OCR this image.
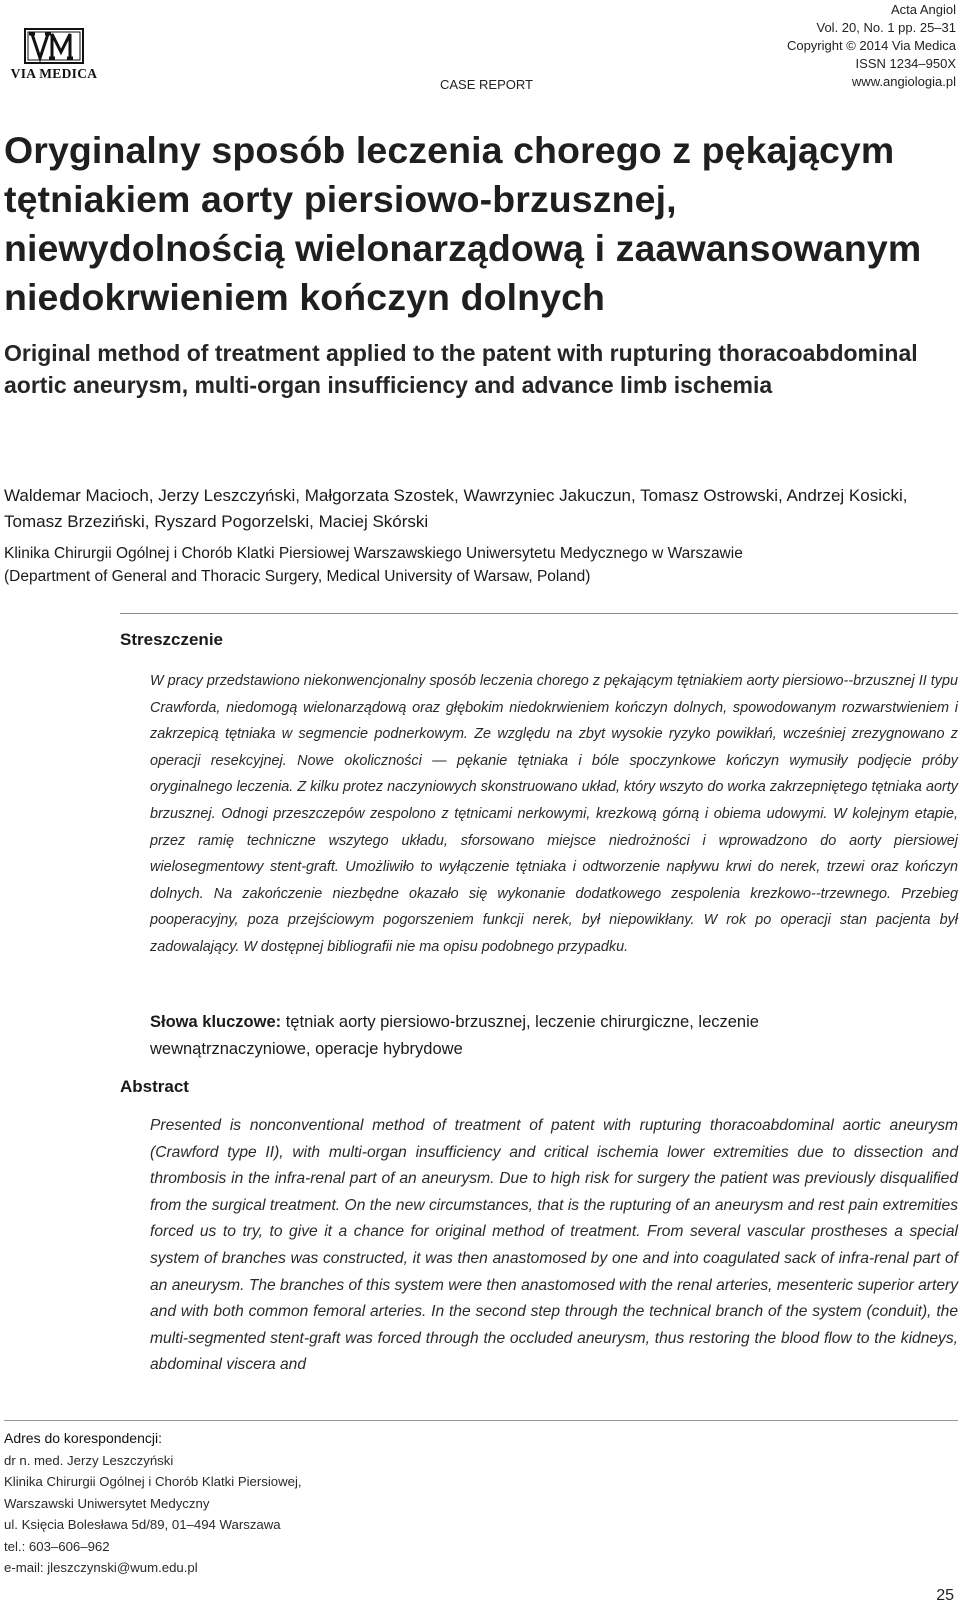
VIA MEDICA
CASE REPORT
Acta Angiol
Vol. 20, No. 1 pp. 25–31
Copyright © 2014 Via Medica
ISSN 1234–950X
www.angiologia.pl
Oryginalny sposób leczenia chorego z pękającym tętniakiem aorty piersiowo-brzusznej, niewydolnością wielonarządową i zaawansowanym niedokrwieniem kończyn dolnych
Original method of treatment applied to the patent with rupturing thoracoabdominal aortic aneurysm, multi-organ insufficiency and advance limb ischemia
Waldemar Macioch, Jerzy Leszczyński, Małgorzata Szostek, Wawrzyniec Jakuczun, Tomasz Ostrowski, Andrzej Kosicki, Tomasz Brzeziński, Ryszard Pogorzelski, Maciej Skórski
Klinika Chirurgii Ogólnej i Chorób Klatki Piersiowej Warszawskiego Uniwersytetu Medycznego w Warszawie
(Department of General and Thoracic Surgery, Medical University of Warsaw, Poland)
Streszczenie

W pracy przedstawiono niekonwencjonalny sposób leczenia chorego z pękającym tętniakiem aorty piersiowo--brzusznej II typu Crawforda, niedomogą wielonarządową oraz głębokim niedokrwieniem kończyn dolnych, spowodowanym rozwarstwieniem i zakrzepicą tętniaka w segmencie podnerkowym. Ze względu na zbyt wysokie ryzyko powikłań, wcześniej zrezygnowano z operacji resekcyjnej. Nowe okoliczności — pękanie tętniaka i bóle spoczynkowe kończyn wymusiły podjęcie próby oryginalnego leczenia. Z kilku protez naczyniowych skonstruowano układ, który wszyto do worka zakrzepniętego tętniaka aorty brzusznej. Odnogi przeszczepów zespolono z tętnicami nerkowymi, krezkową górną i obiema udowymi. W kolejnym etapie, przez ramię techniczne wszytego układu, sforsowano miejsce niedrożności i wprowadzono do aorty piersiowej wielosegmentowy stent-graft. Umożliwiło to wyłączenie tętniaka i odtworzenie napływu krwi do nerek, trzewi oraz kończyn dolnych. Na zakończenie niezbędne okazało się wykonanie dodatkowego zespolenia krezkowo--trzewnego. Przebieg pooperacyjny, poza przejściowym pogorszeniem funkcji nerek, był niepowikłany. W rok po operacji stan pacjenta był zadowalający. W dostępnej bibliografii nie ma opisu podobnego przypadku.

Słowa kluczowe: tętniak aorty piersiowo-brzusznej, leczenie chirurgiczne, leczenie wewnątrznaczyniowe, operacje hybrydowe
Abstract

Presented is nonconventional method of treatment of patent with rupturing thoracoabdominal aortic aneurysm (Crawford type II), with multi-organ insufficiency and critical ischemia lower extremities due to dissection and thrombosis in the infra-renal part of an aneurysm. Due to high risk for surgery the patient was previously disqualified from the surgical treatment. On the new circumstances, that is the rupturing of an aneurysm and rest pain extremities forced us to try, to give it a chance for original method of treatment. From several vascular prostheses a special system of branches was constructed, it was then anastomosed by one and into coagulated sack of infra-renal part of an aneurysm. The branches of this system were then anastomosed with the renal arteries, mesenteric superior artery and with both common femoral arteries. In the second step through the technical branch of the system (conduit), the multi-segmented stent-graft was forced through the occluded aneurysm, thus restoring the blood flow to the kidneys, abdominal viscera and

Adres do korespondencji:
dr n. med. Jerzy Leszczyński
Klinika Chirurgii Ogólnej i Chorób Klatki Piersiowej,
Warszawski Uniwersytet Medyczny
ul. Księcia Bolesława 5d/89, 01–494 Warszawa
tel.: 603–606–962
e-mail: jleszczynski@wum.edu.pl
25
